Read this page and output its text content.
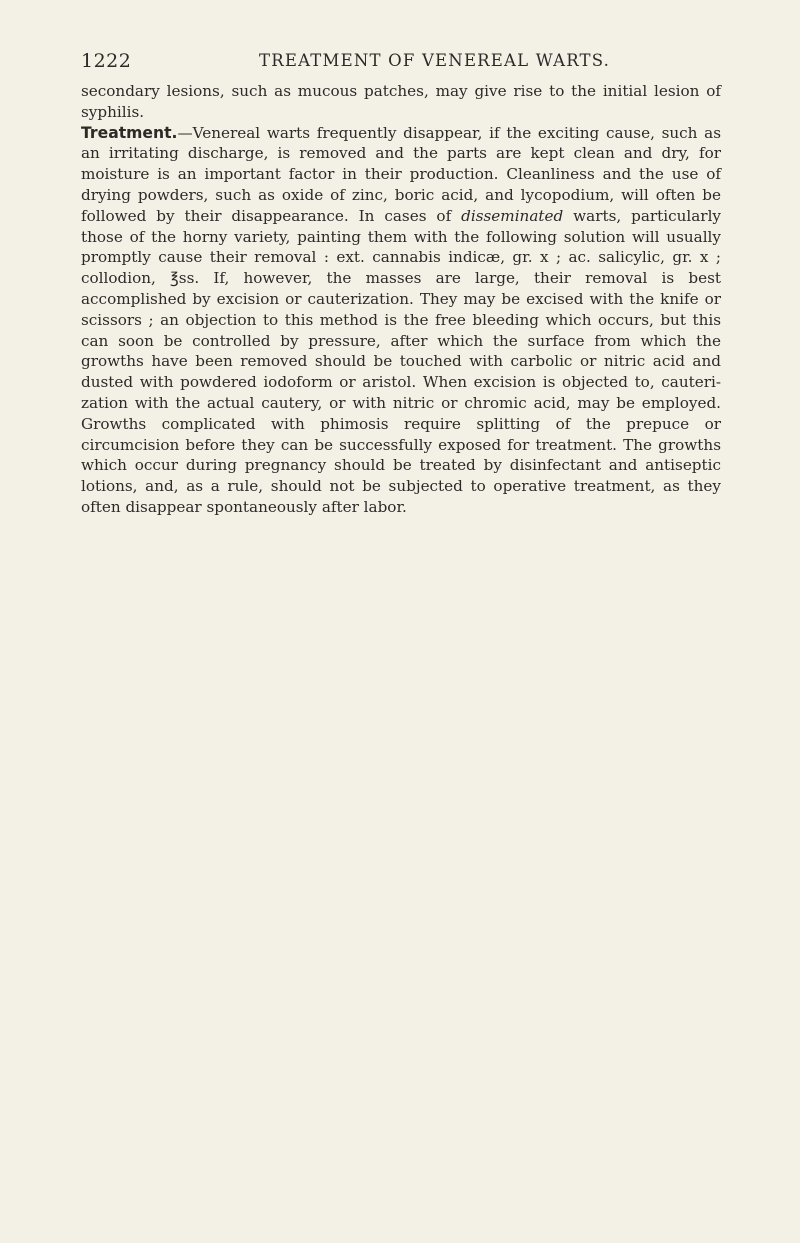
1222	TREATMENT OF VENEREAL WARTS.

secondary lesions, such as mucous patches, may give rise to the initial lesion of syphilis.

Treatment.—Venereal warts frequently disappear, if the exciting cause, such as an irritating discharge, is removed and the parts are kept clean and dry, for moisture is an important factor in their production. Cleanliness and the use of drying powders, such as oxide of zinc, boric acid, and lycopodium, will often be followed by their disappearance. In cases of disseminated warts, particularly those of the horny variety, painting them with the following solution will usually promptly cause their removal : ext. cannabis indicæ, gr. x ; ac. salicylic, gr. x ; collodion, ℥ss. If, however, the masses are large, their removal is best accomplished by excision or cauterization. They may be excised with the knife or scissors ; an objection to this method is the free bleeding which occurs, but this can soon be controlled by pressure, after which the surface from which the growths have been removed should be touched with carbolic or nitric acid and dusted with powdered iodoform or aristol. When excision is objected to, cauterization with the actual cautery, or with nitric or chromic acid, may be employed. Growths complicated with phimosis require splitting of the prepuce or circumcision before they can be successfully exposed for treatment. The growths which occur during pregnancy should be treated by disinfectant and antiseptic lotions, and, as a rule, should not be subjected to operative treatment, as they often disappear spontaneously after labor.
